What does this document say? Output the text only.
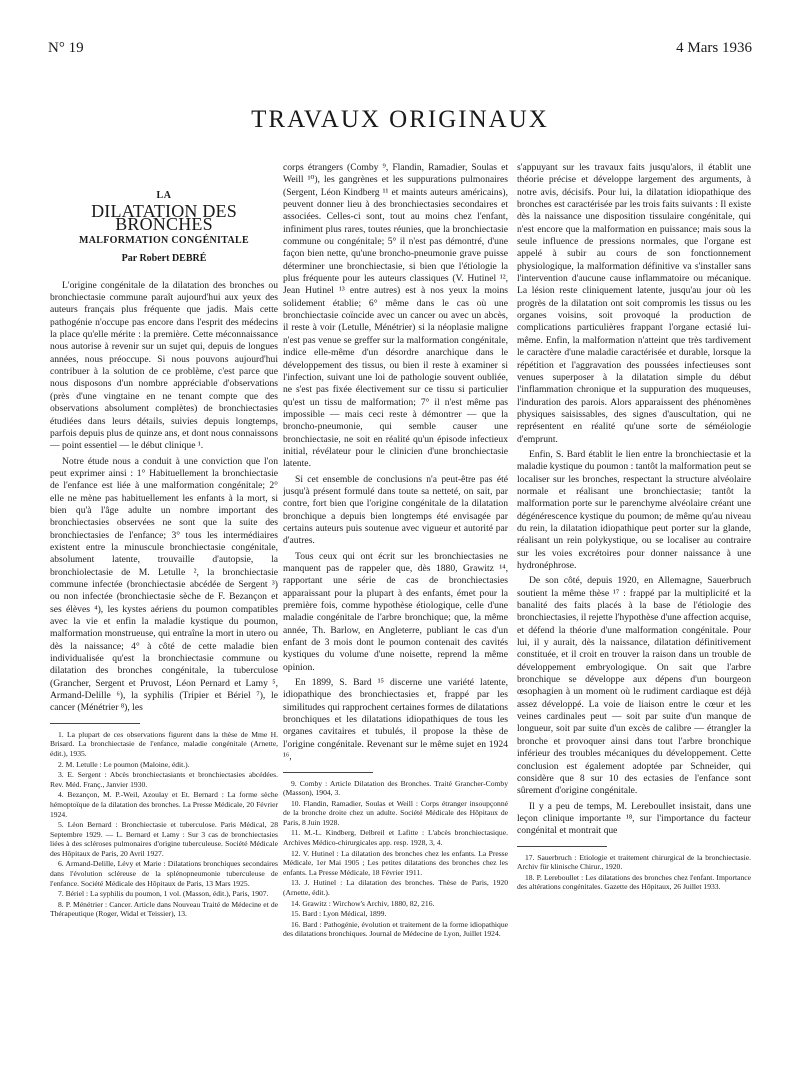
N° 19	4 Mars 1936
TRAVAUX ORIGINAUX
LA
DILATATION DES BRONCHES
MALFORMATION CONGÉNITALE
Par Robert DEBRÉ

L'origine congénitale de la dilatation des bronches ou bronchiectasie commune paraît aujourd'hui aux yeux des auteurs français plus fréquente que jadis. Mais cette pathogénie n'occupe pas encore dans l'esprit des médecins la place qu'elle mérite : la première. Cette méconnaissance nous autorise à revenir sur un sujet qui, depuis de longues années, nous préoccupe. Si nous pouvons aujourd'hui contribuer à la solution de ce problème, c'est parce que nous disposons d'un nombre appréciable d'observations (près d'une vingtaine en ne tenant compte que des observations absolument complètes) de bronchiectasies étudiées dans leurs détails, suivies depuis longtemps, parfois depuis plus de quinze ans, et dont nous connaissons — point essentiel — le début clinique ¹.

Notre étude nous a conduit à une conviction que l'on peut exprimer ainsi : 1° Habituellement la bronchiectasie de l'enfance est liée à une malformation congénitale; 2° elle ne mène pas habituellement les enfants à la mort, si bien qu'à l'âge adulte un nombre important des bronchiectasies observées ne sont que la suite des bronchiectasies de l'enfance; 3° tous les intermédiaires existent entre la minuscule bronchiectasie congénitale, absolument latente, trouvaille d'autopsie, la bronchiolectasie de M. Letulle ², la bronchiectasie commune infectée (bronchiectasie abcédée de Sergent ³) ou non infectée (bronchiectasie sèche de F. Bezançon et ses élèves ⁴), les kystes aériens du poumon compatibles avec la vie et enfin la maladie kystique du poumon, malformation monstrueuse, qui entraîne la mort in utero ou dès la naissance; 4° à côté de cette maladie bien individualisée qu'est la bronchiectasie commune ou dilatation des bronches congénitale, la tuberculose (Grancher, Sergent et Pruvost, Léon Pernard et Lamy ⁵, Armand-Delille ⁶), la syphilis (Tripier et Bériel ⁷), le cancer (Ménétrier ⁸), les

1. La plupart de ces observations figurent dans la thèse de Mme H. Brisard. La bronchiectasie de l'enfance, maladie congénitale (Arnette, édit.), 1935.
2. M. Letulle : Le poumon (Maloine, édit.).
3. E. Sergent : Abcès bronchiectasiants et bronchiectasies abcédées. Rev. Méd. Franç., Janvier 1930.
4. Bezançon, M. P.-Weil, Azoulay et Et. Bernard : La forme sèche hémoptoïque de la dilatation des bronches. La Presse Médicale, 20 Février 1924.
5. Léon Bernard : Bronchiectasie et tuberculose. Paris Médical, 28 Septembre 1929. — L. Bernard et Lamy : Sur 3 cas de bronchiectasies liées à des scléroses pulmonaires d'origine tuberculeuse. Société Médicale des Hôpitaux de Paris, 20 Avril 1927.
6. Armand-Delille, Lévy et Marie : Dilatations bronchiques secondaires dans l'évolution scléreuse de la splénopneumonie tuberculeuse de l'enfance. Société Médicale des Hôpitaux de Paris, 13 Mars 1925.
7. Bériel : La syphilis du poumon, 1 vol. (Masson, édit.), Paris, 1907.
8. P. Ménétrier : Cancer. Article dans Nouveau Traité de Médecine et de Thérapeutique (Roger, Widal et Teissier), 13.

corps étrangers (Comby ⁹, Flandin, Ramadier, Soulas et Weill ¹⁰), les gangrènes et les suppurations pulmonaires (Sergent, Léon Kindberg ¹¹ et maints auteurs américains), peuvent donner lieu à des bronchiectasies secondaires et associées. Celles-ci sont, tout au moins chez l'enfant, infiniment plus rares, toutes réunies, que la bronchiectasie commune ou congénitale; 5° il n'est pas démontré, d'une façon bien nette, qu'une broncho-pneumonie grave puisse déterminer une bronchiectasie, si bien que l'étiologie la plus fréquente pour les auteurs classiques (V. Hutinel ¹², Jean Hutinel ¹³ entre autres) est à nos yeux la moins solidement établie; 6° même dans le cas où une bronchiectasie coïncide avec un cancer ou avec un abcès, il reste à voir (Letulle, Ménétrier) si la néoplasie maligne n'est pas venue se greffer sur la malformation congénitale, indice elle-même d'un désordre anarchique dans le développement des tissus, ou bien il reste à examiner si l'infection, suivant une loi de pathologie souvent oubliée, ne s'est pas fixée électivement sur ce tissu si particulier qu'est un tissu de malformation; 7° il n'est même pas impossible — mais ceci reste à démontrer — que la broncho-pneumonie, qui semble causer une bronchiectasie, ne soit en réalité qu'un épisode infectieux initial, révélateur pour le clinicien d'une bronchiectasie latente.

Si cet ensemble de conclusions n'a peut-être pas été jusqu'à présent formulé dans toute sa netteté, on sait, par contre, fort bien que l'origine congénitale de la dilatation bronchique a depuis bien longtemps été envisagée par certains auteurs puis soutenue avec vigueur et autorité par d'autres.

Tous ceux qui ont écrit sur les bronchiectasies ne manquent pas de rappeler que, dès 1880, Grawitz ¹⁴, rapportant une série de cas de bronchiectasies apparaissant pour la plupart à des enfants, émet pour la première fois, comme hypothèse étiologique, celle d'une maladie congénitale de l'arbre bronchique; que, la même année, Th. Barlow, en Angleterre, publiant le cas d'un enfant de 3 mois dont le poumon contenait des cavités kystiques du volume d'une noisette, reprend la même opinion.

En 1899, S. Bard ¹⁵ discerne une variété latente, idiopathique des bronchiectasies et, frappé par les similitudes qui rapprochent certaines formes de dilatations bronchiques et les dilatations idiopathiques de tous les organes cavitaires et tubulés, il propose la thèse de l'origine congénitale. Revenant sur le même sujet en 1924 ¹⁶,

9. Comby : Article Dilatation des Bronches. Traité Grancher-Comby (Masson), 1904, 3.
10. Flandin, Ramadier, Soulas et Weill : Corps étranger insoupçonné de la bronche droite chez un adulte. Société Médicale des Hôpitaux de Paris, 8 Juin 1928.
11. M.-L. Kindberg, Delbreil et Lafitte : L'abcès bronchiectasique. Archives Médico-chirurgicales app. resp. 1928, 3, 4.
12. V. Hutinel : La dilatation des bronches chez les enfants. La Presse Médicale, 1er Mai 1905 ; Les petites dilatations des bronches chez les enfants. La Presse Médicale, 18 Février 1911.
13. J. Hutinel : La dilatation des bronches. Thèse de Paris, 1920 (Arnette, édit.).
14. Grawitz : Wirchow's Archiv, 1880, 82, 216.
15. Bard : Lyon Médical, 1899.
16. Bard : Pathogénie, évolution et traitement de la forme idiopathique des dilatations bronchiques. Journal de Médecine de Lyon, Juillet 1924.

s'appuyant sur les travaux faits jusqu'alors, il établit une théorie précise et développe largement des arguments, à notre avis, décisifs. Pour lui, la dilatation idiopathique des bronches est caractérisée par les trois faits suivants : Il existe dès la naissance une disposition tissulaire congénitale, qui n'est encore que la malformation en puissance; mais sous la seule influence de pressions normales, que l'organe est appelé à subir au cours de son fonctionnement physiologique, la malformation définitive va s'installer sans l'intervention d'aucune cause inflammatoire ou mécanique. La lésion reste cliniquement latente, jusqu'au jour où les progrès de la dilatation ont soit compromis les tissus ou les organes voisins, soit provoqué la production de complications particulières frappant l'organe ectasié lui-même. Enfin, la malformation n'atteint que très tardivement le caractère d'une maladie caractérisée et durable, lorsque la répétition et l'aggravation des poussées infectieuses sont venues superposer à la dilatation simple du début l'inflammation chronique et la suppuration des muqueuses, l'induration des parois. Alors apparaissent des phénomènes physiques saisissables, des signes d'auscultation, qui ne représentent en réalité qu'une sorte de séméiologie d'emprunt.

Enfin, S. Bard établit le lien entre la bronchiectasie et la maladie kystique du poumon : tantôt la malformation peut se localiser sur les bronches, respectant la structure alvéolaire normale et réalisant une bronchiectasie; tantôt la malformation porte sur le parenchyme alvéolaire créant une dégénérescence kystique du poumon; de même qu'au niveau du rein, la dilatation idiopathique peut porter sur la glande, réalisant un rein polykystique, ou se localiser au contraire sur les voies excrétoires pour donner naissance à une hydronéphrose.

De son côté, depuis 1920, en Allemagne, Sauerbruch soutient la même thèse ¹⁷ : frappé par la multiplicité et la banalité des faits placés à la base de l'étiologie des bronchiectasies, il rejette l'hypothèse d'une affection acquise, et défend la théorie d'une malformation congénitale. Pour lui, il y aurait, dès la naissance, dilatation définitivement constituée, et il croit en trouver la raison dans un trouble de développement embryologique. On sait que l'arbre bronchique se développe aux dépens d'un bourgeon œsophagien à un moment où le rudiment cardiaque est déjà assez développé. La voie de liaison entre le cœur et les veines cardinales peut — soit par suite d'un manque de longueur, soit par suite d'un excès de calibre — étrangler la bronche et provoquer ainsi dans tout l'arbre bronchique inférieur des troubles mécaniques du développement. Cette conclusion est également adoptée par Schneider, qui considère que 8 sur 10 des ectasies de l'enfance sont sûrement d'origine congénitale.

Il y a peu de temps, M. Lereboullet insistait, dans une leçon clinique importante ¹⁸, sur l'importance du facteur congénital et montrait que

17. Sauerbruch : Etiologie et traitement chirurgical de la bronchiectasie. Archiv für klinische Chirur., 1920.
18. P. Lereboullet : Les dilatations des bronches chez l'enfant. Importance des altérations congénitales. Gazette des Hôpitaux, 26 Juillet 1933.
